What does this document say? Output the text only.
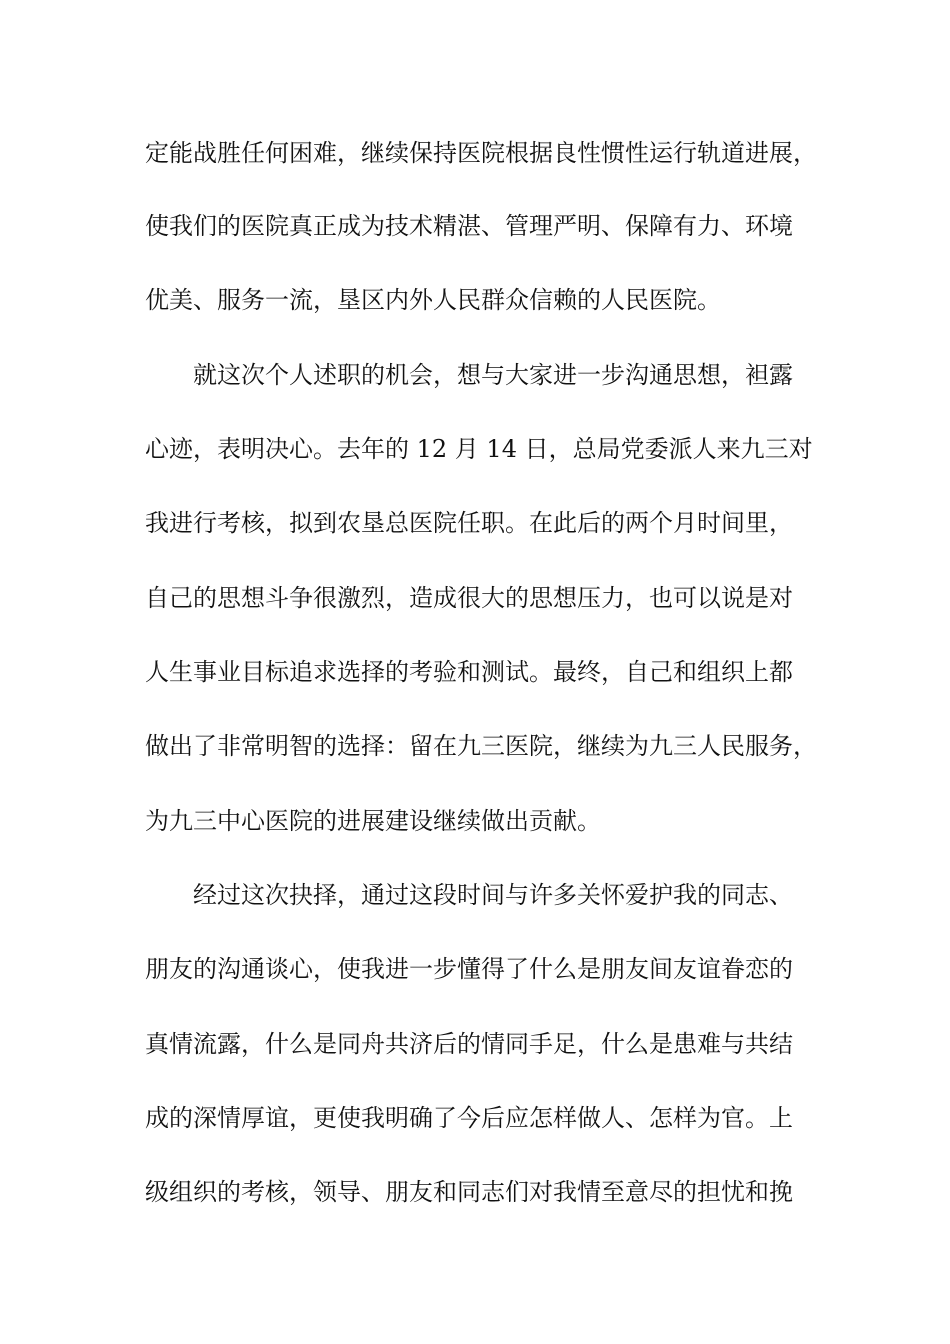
定能战胜任何困难，继续保持医院根据良性惯性运行轨道进展，
使我们的医院真正成为技术精湛、管理严明、保障有力、环境
优美、服务一流，垦区内外人民群众信赖的人民医院。
就这次个人述职的机会，想与大家进一步沟通思想，袒露
心迹，表明决心。去年的 12 月 14 日，总局党委派人来九三对
我进行考核，拟到农垦总医院任职。在此后的两个月时间里，
自己的思想斗争很激烈，造成很大的思想压力，也可以说是对
人生事业目标追求选择的考验和测试。最终，自己和组织上都
做出了非常明智的选择：留在九三医院，继续为九三人民服务，
为九三中心医院的进展建设继续做出贡献。
经过这次抉择，通过这段时间与许多关怀爱护我的同志、
朋友的沟通谈心，使我进一步懂得了什么是朋友间友谊眷恋的
真情流露，什么是同舟共济后的情同手足，什么是患难与共结
成的深情厚谊，更使我明确了今后应怎样做人、怎样为官。上
级组织的考核，领导、朋友和同志们对我情至意尽的担忧和挽
